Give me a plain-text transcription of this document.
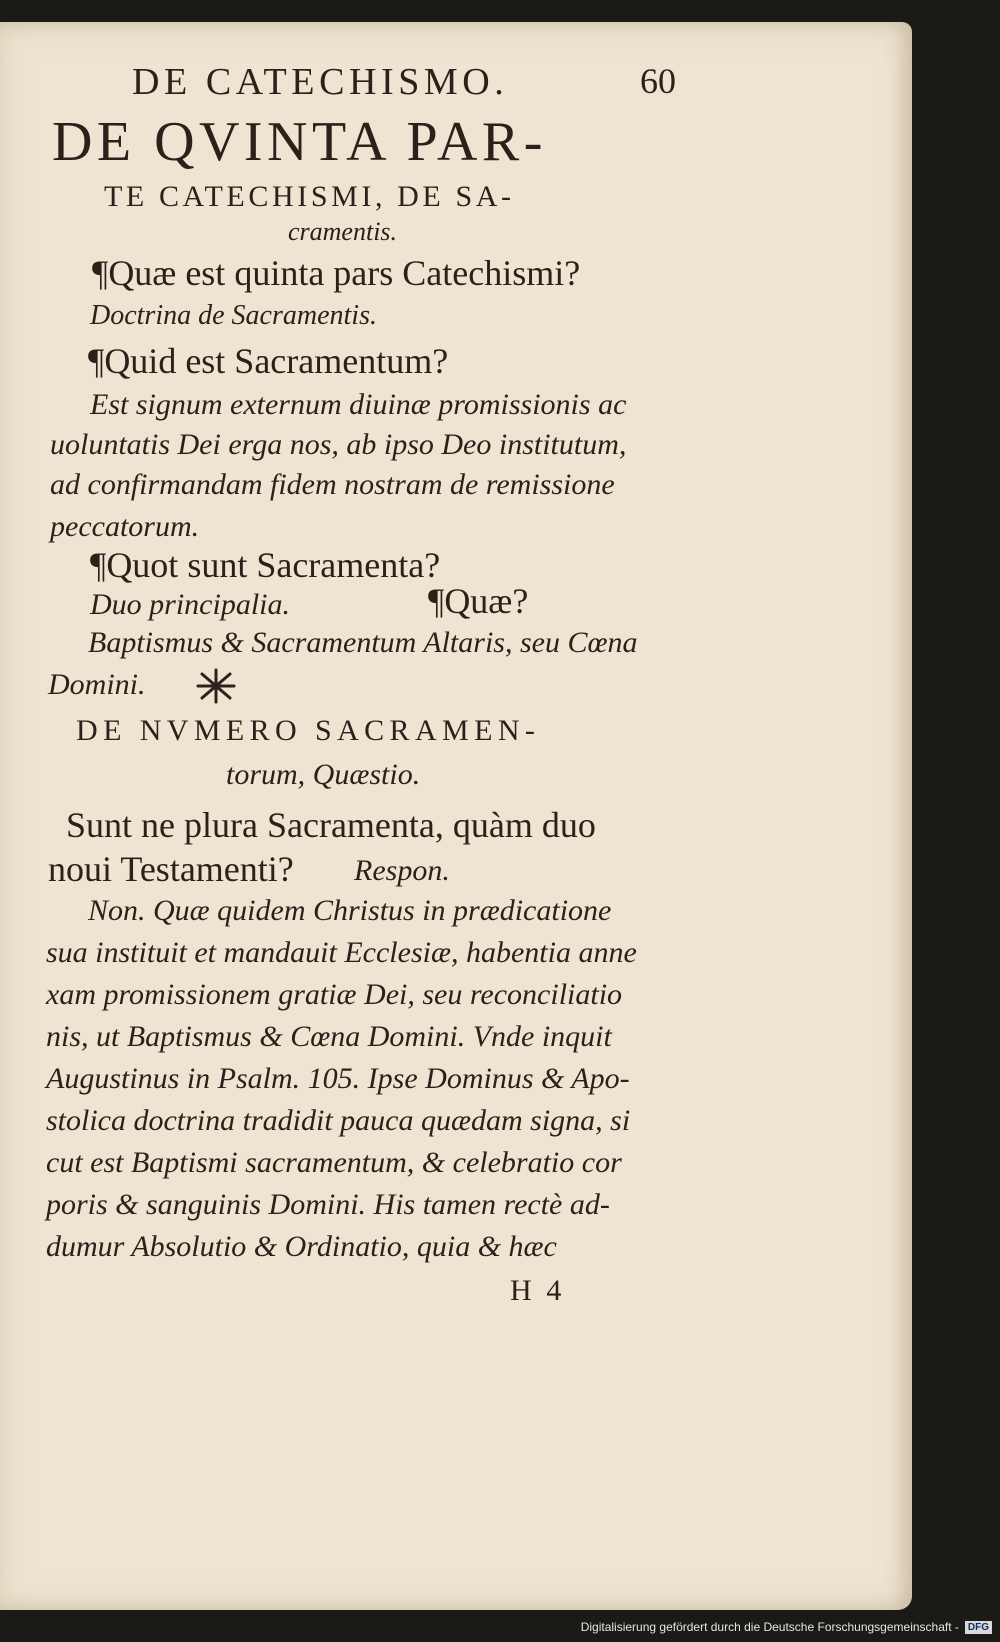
DE CATECHISMO.	60
DE QVINTA PAR-
TE CATECHISMI, DE SA-
cramentis.
¶Quæ est quinta pars Catechismi?
Doctrina de Sacramentis.
¶Quid est Sacramentum?
Est signum externum diuinæ promissionis ac
uoluntatis Dei erga nos, ab ipso Deo institutum,
ad confirmandam fidem nostram de remissione
peccatorum.
¶Quot sunt Sacramenta?
Duo principalia.	¶Quæ?
Baptismus & Sacramentum Altaris, seu Cœna
Domini.
DE NVMERO SACRAMEN-
torum, Quæstio.
Sunt ne plura Sacramenta, quàm duo
noui Testamenti? Respon.
Non. Quæ quidem Christus in prædicatione
sua instituit et mandauit Ecclesiæ, habentia anne
xam promissionem gratiæ Dei, seu reconciliatio
nis, ut Baptismus & Cœna Domini. Vnde inquit
Augustinus in Psalm. 105. Ipse Dominus & Apo-
stolica doctrina tradidit pauca quædam signa, si
cut est Baptismi sacramentum, & celebratio cor
poris & sanguinis Domini. His tamen rectè ad-
dumur Absolutio & Ordinatio, quia & hæc
H 4
Digitalisierung gefördert durch die Deutsche Forschungsgemeinschaft - DFG
